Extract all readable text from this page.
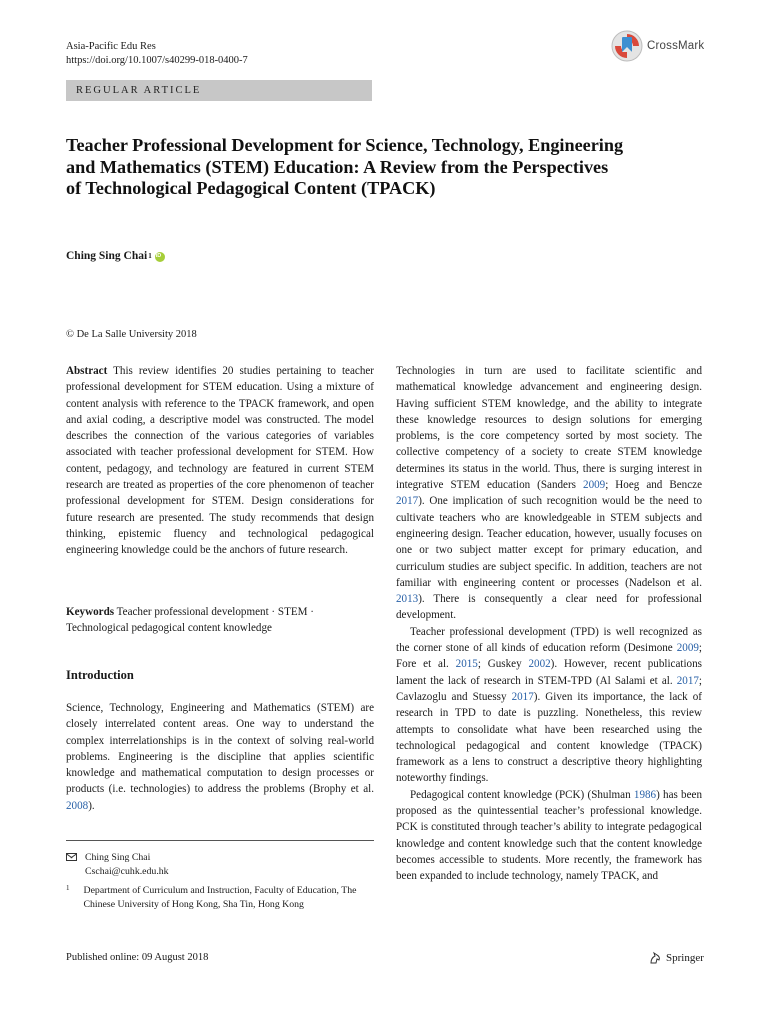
Asia-Pacific Edu Res
https://doi.org/10.1007/s40299-018-0400-7
CrossMark
REGULAR ARTICLE
Teacher Professional Development for Science, Technology, Engineering and Mathematics (STEM) Education: A Review from the Perspectives of Technological Pedagogical Content (TPACK)
Ching Sing Chai 1
iD
© De La Salle University 2018

Abstract This review identifies 20 studies pertaining to teacher professional development for STEM education. Using a mixture of content analysis with reference to the TPACK framework, and open and axial coding, a descriptive model was constructed. The model describes the connection of the various categories of variables associated with teacher professional development for STEM. How content, pedagogy, and technology are featured in current STEM research are treated as properties of the core phenomenon of teacher professional development for STEM. Design considerations for future research are presented. The study recommends that design thinking, epistemic fluency and technological pedagogical engineering knowledge could be the anchors of future research.

Keywords Teacher professional development · STEM · Technological pedagogical content knowledge
Introduction

Science, Technology, Engineering and Mathematics (STEM) are closely interrelated content areas. One way to understand the complex interrelationships is in the context of solving real-world problems. Engineering is the discipline that applies scientific knowledge and mathematical computation to design processes or products (i.e. technologies) to address the problems (Brophy et al. 2008).

Ching Sing Chai
Cschai@cuhk.edu.hk
1 Department of Curriculum and Instruction, Faculty of Education, The Chinese University of Hong Kong, Sha Tin, Hong Kong

Technologies in turn are used to facilitate scientific and mathematical knowledge advancement and engineering design. Having sufficient STEM knowledge, and the ability to integrate these knowledge resources to design solutions for emerging problems, is the core competency sorted by most society. The collective competency of a society to create STEM knowledge determines its status in the world. Thus, there is surging interest in integrative STEM education (Sanders 2009; Hoeg and Bencze 2017). One implication of such recognition would be the need to cultivate teachers who are knowledgeable in STEM subjects and engineering design. Teacher education, however, usually focuses on one or two subject matter except for primary education, and curriculum studies are subject specific. In addition, teachers are not familiar with engineering content or processes (Nadelson et al. 2013). There is consequently a clear need for professional development.

Teacher professional development (TPD) is well recognized as the corner stone of all kinds of education reform (Desimone 2009; Fore et al. 2015; Guskey 2002). However, recent publications lament the lack of research in STEM-TPD (Al Salami et al. 2017; Cavlazoglu and Stuessy 2017). Given its importance, the lack of research in TPD to date is puzzling. Nonetheless, this review attempts to consolidate what have been researched using the technological pedagogical and content knowledge (TPACK) framework as a lens to construct a descriptive theory highlighting noteworthy findings.

Pedagogical content knowledge (PCK) (Shulman 1986) has been proposed as the quintessential teacher’s professional knowledge. PCK is constituted through teacher’s ability to integrate pedagogical knowledge and content knowledge such that the content knowledge becomes accessible to students. More recently, the framework has been expanded to include technology, namely TPACK, and

Published online: 09 August 2018	Springer
